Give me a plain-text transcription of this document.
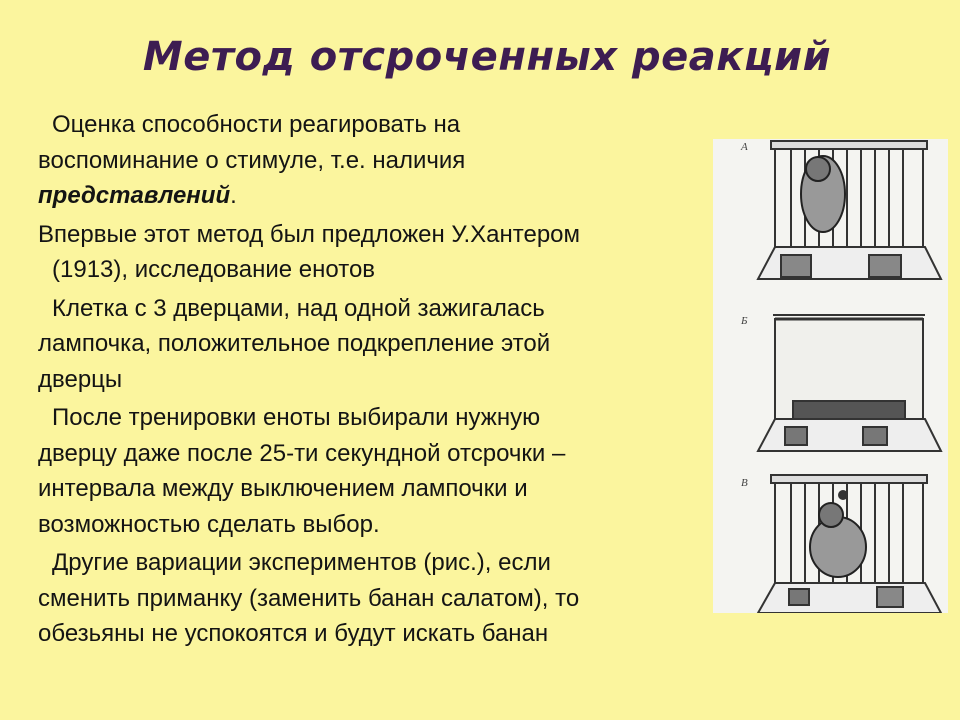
Метод отсроченных реакций
Оценка способности реагировать на
воспоминание о стимуле, т.е. наличия
представлений.
Впервые этот метод был предложен У.Хантером
(1913), исследование енотов
Клетка с 3 дверцами, над одной зажигалась
лампочка, положительное подкрепление этой
дверцы
После тренировки еноты выбирали нужную
дверцу даже после 25-ти секундной отсрочки –
интервала между выключением лампочки и
возможностью сделать выбор.
Другие вариации экспериментов (рис.), если
сменить приманку (заменить банан салатом), то
обезьяны не успокоятся и будут искать банан
А
Б
В
